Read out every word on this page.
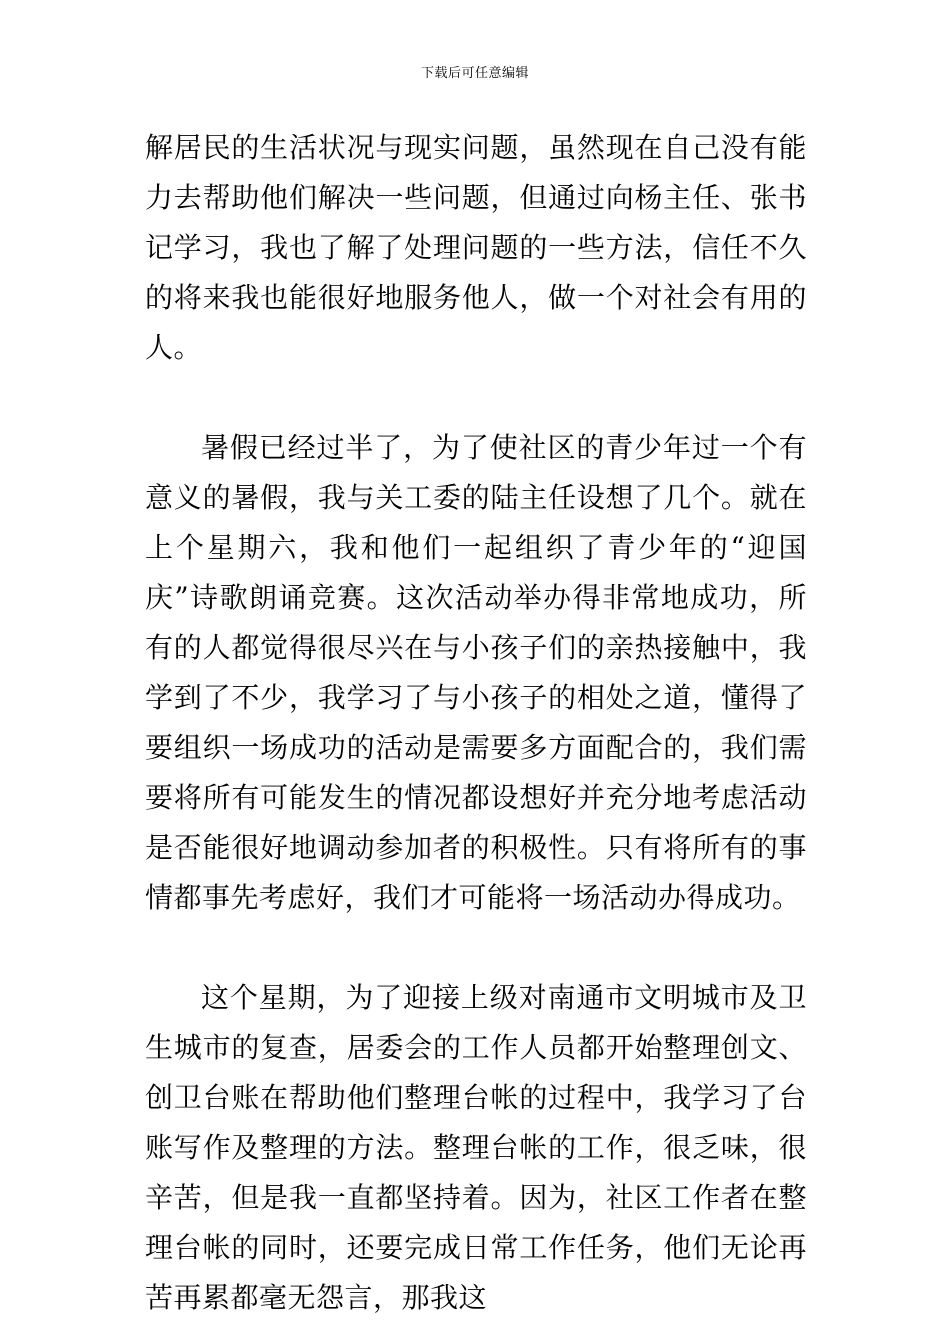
下载后可任意编辑

解居民的生活状况与现实问题，虽然现在自己没有能力去帮助他们解决一些问题，但通过向杨主任、张书记学习，我也了解了处理问题的一些方法，信任不久的将来我也能很好地服务他人，做一个对社会有用的人。

暑假已经过半了，为了使社区的青少年过一个有意义的暑假，我与关工委的陆主任设想了几个。就在上个星期六，我和他们一起组织了青少年的“迎国庆”诗歌朗诵竞赛。这次活动举办得非常地成功，所有的人都觉得很尽兴在与小孩子们的亲热接触中，我学到了不少，我学习了与小孩子的相处之道，懂得了要组织一场成功的活动是需要多方面配合的，我们需要将所有可能发生的情况都设想好并充分地考虑活动是否能很好地调动参加者的积极性。只有将所有的事情都事先考虑好，我们才可能将一场活动办得成功。

这个星期，为了迎接上级对南通市文明城市及卫生城市的复查，居委会的工作人员都开始整理创文、创卫台账在帮助他们整理台帐的过程中，我学习了台账写作及整理的方法。整理台帐的工作，很乏味，很辛苦，但是我一直都坚持着。因为，社区工作者在整理台帐的同时，还要完成日常工作任务，他们无论再苦再累都毫无怨言，那我这
